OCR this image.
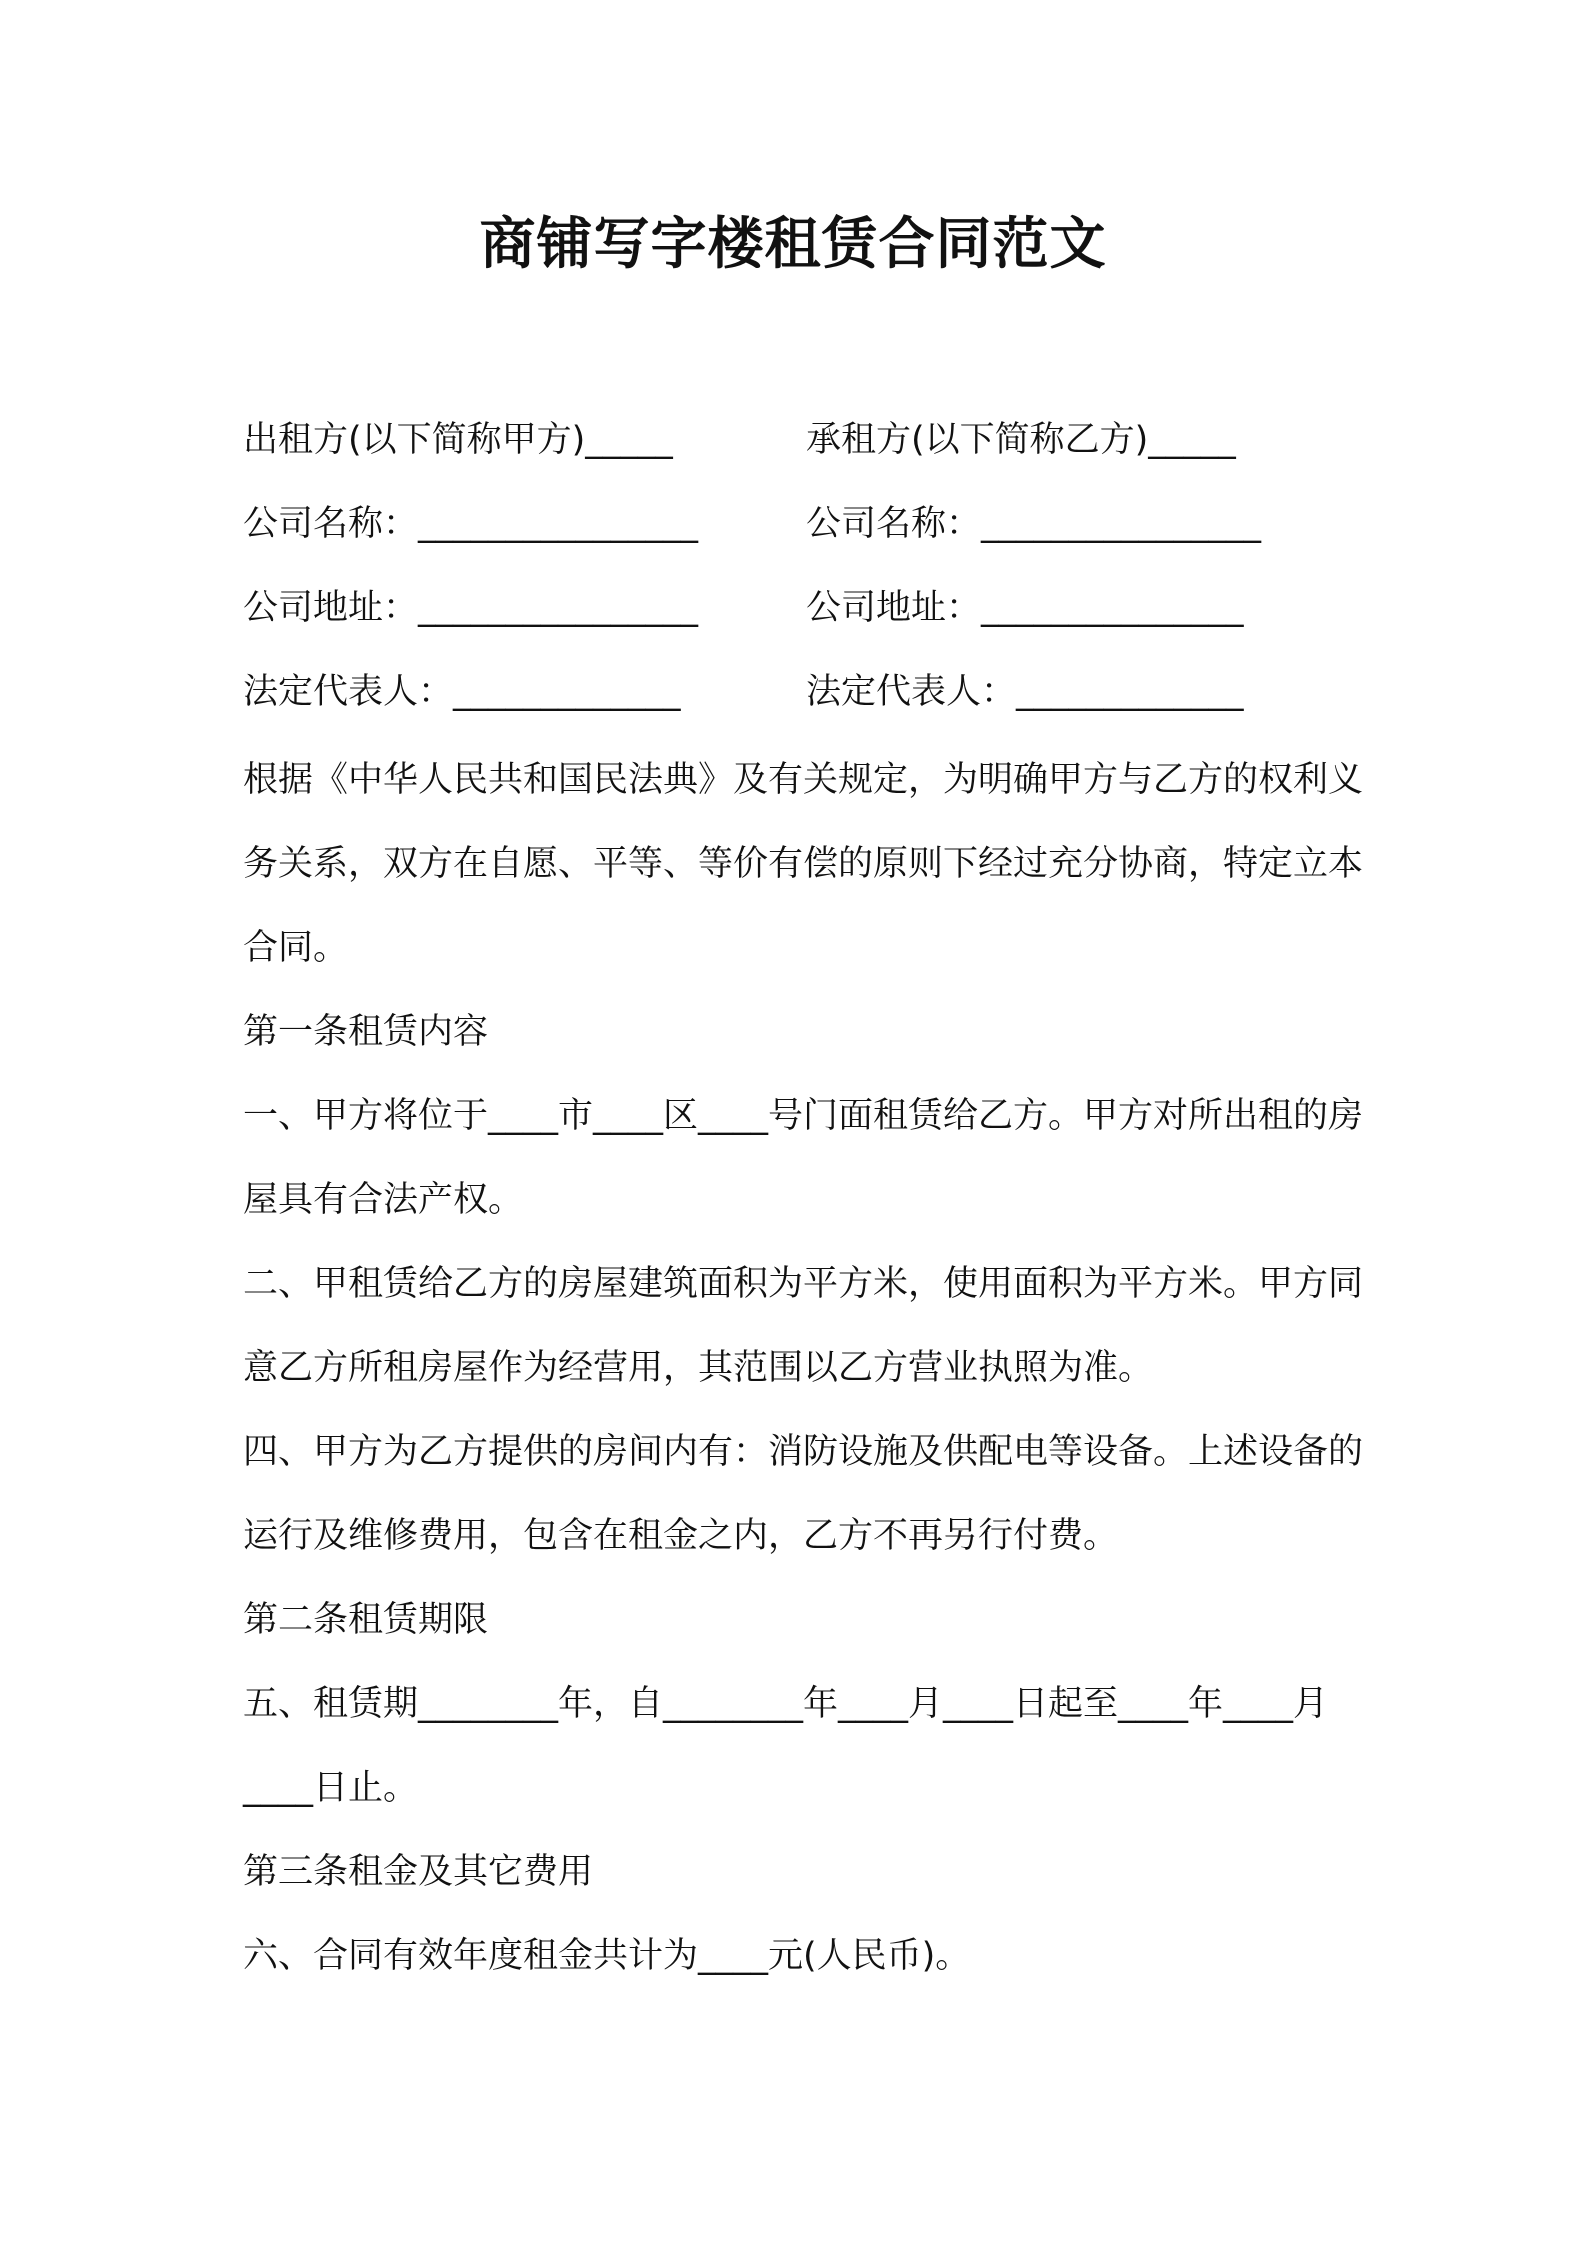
商铺写字楼租赁合同范文
出租方(以下简称甲方)_____	承租方(以下简称乙方)_____
公司名称：________________	公司名称：________________
公司地址：________________	公司地址：_______________
法定代表人：_____________	法定代表人：_____________

根据《中华人民共和国民法典》及有关规定，为明确甲方与乙方的权利义务关系，双方在自愿、平等、等价有偿的原则下经过充分协商，特定立本合同。

第一条租赁内容

一、甲方将位于____市____区____号门面租赁给乙方。甲方对所出租的房屋具有合法产权。

二、甲租赁给乙方的房屋建筑面积为平方米，使用面积为平方米。甲方同意乙方所租房屋作为经营用，其范围以乙方营业执照为准。

四、甲方为乙方提供的房间内有：消防设施及供配电等设备。上述设备的运行及维修费用，包含在租金之内，乙方不再另行付费。

第二条租赁期限

五、租赁期________年，自________年____月____日起至____年____月____日止。

第三条租金及其它费用

六、合同有效年度租金共计为____元(人民币)。
